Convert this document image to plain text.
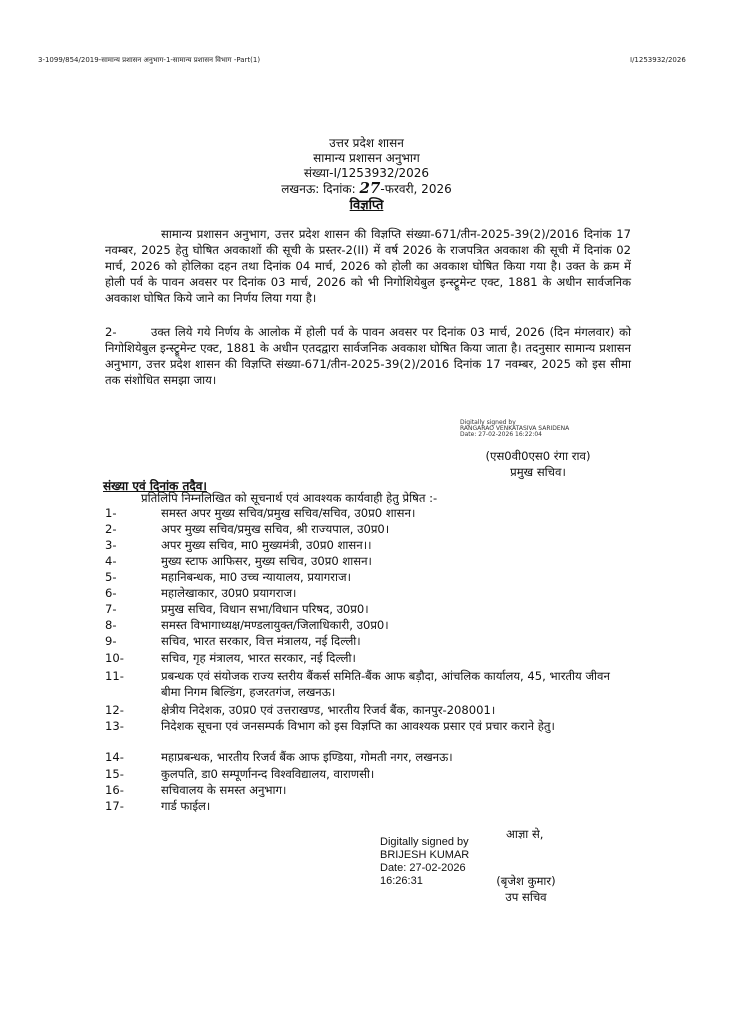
3-1099/854/2019-सामान्य प्रशासन अनुभाग-1-सामान्य प्रशासन विभाग -Part(1)	I/1253932/2026
उत्तर प्रदेश शासन
सामान्य प्रशासन अनुभाग
संख्या-I/1253932/2026
लखनऊ: दिनांक: 27-फरवरी, 2026
विज्ञप्ति
सामान्य प्रशासन अनुभाग, उत्तर प्रदेश शासन की विज्ञप्ति संख्या-671/तीन-2025-39(2)/2016 दिनांक 17 नवम्बर, 2025 हेतु घोषित अवकाशों की सूची के प्रस्तर-2(II) में वर्ष 2026 के राजपत्रित अवकाश की सूची में दिनांक 02 मार्च, 2026 को होलिका दहन तथा दिनांक 04 मार्च, 2026 को होली का अवकाश घोषित किया गया है। उक्त के क्रम में होली पर्व के पावन अवसर पर दिनांक 03 मार्च, 2026 को भी निगोशियेबुल इन्स्ट्रूमेन्ट एक्ट, 1881 के अधीन सार्वजनिक अवकाश घोषित किये जाने का निर्णय लिया गया है।
2-	उक्त लिये गये निर्णय के आलोक में होली पर्व के पावन अवसर पर दिनांक 03 मार्च, 2026 (दिन मंगलवार) को निगोशियेबुल इन्स्ट्रूमेन्ट एक्ट, 1881 के अधीन एतदद्वारा सार्वजनिक अवकाश घोषित किया जाता है। तदनुसार सामान्य प्रशासन अनुभाग, उत्तर प्रदेश शासन की विज्ञप्ति संख्या-671/तीन-2025-39(2)/2016 दिनांक 17 नवम्बर, 2025 को इस सीमा तक संशोधित समझा जाय।
Digitally signed by
RANGARAO VENKATASIVA SARIDENA
Date: 27-02-2026 16:22:04
(एस0वी0एस0 रंगा राव)
प्रमुख सचिव।
संख्या एवं दिनांक तदैव।
प्रतिलिपि निम्नलिखित को सूचनार्थ एवं आवश्यक कार्यवाही हेतु प्रेषित :-
1-	समस्त अपर मुख्य सचिव/प्रमुख सचिव/सचिव, उ0प्र0 शासन।
2-	अपर मुख्य सचिव/प्रमुख सचिव, श्री राज्यपाल, उ0प्र0।
3-	अपर मुख्य सचिव, मा0 मुख्यमंत्री, उ0प्र0 शासन।।
4-	मुख्य स्टाफ आफिसर, मुख्य सचिव, उ0प्र0 शासन।
5-	महानिबन्धक, मा0 उच्च न्यायालय, प्रयागराज।
6-	महालेखाकार, उ0प्र0 प्रयागराज।
7-	प्रमुख सचिव, विधान सभा/विधान परिषद, उ0प्र0।
8-	समस्त विभागाध्यक्ष/मण्डलायुक्त/जिलाधिकारी, उ0प्र0।
9-	सचिव, भारत सरकार, वित्त मंत्रालय, नई दिल्ली।
10-	सचिव, गृह मंत्रालय, भारत सरकार, नई दिल्ली।
11-	प्रबन्धक एवं संयोजक राज्य स्तरीय बैंकर्स समिति-बैंक आफ बड़ौदा, आंचलिक कार्यालय, 45, भारतीय जीवन बीमा निगम बिल्डिंग, हजरतगंज, लखनऊ।
12-	क्षेत्रीय निदेशक, उ0प्र0 एवं उत्तराखण्ड, भारतीय रिजर्व बैंक, कानपुर-208001।
13-	निदेशक सूचना एवं जनसम्पर्क विभाग को इस विज्ञप्ति का आवश्यक प्रसार एवं प्रचार कराने हेतु।
14-	महाप्रबन्धक, भारतीय रिजर्व बैंक आफ इण्डिया, गोमती नगर, लखनऊ।
15-	कुलपति, डा0 सम्पूर्णानन्द विश्वविद्यालय, वाराणसी।
16-	सचिवालय के समस्त अनुभाग।
17-	गार्ड फाईल।
आज्ञा से,
Digitally signed by
BRIJESH KUMAR
Date: 27-02-2026
16:26:31	(बृजेश कुमार)
उप सचिव
